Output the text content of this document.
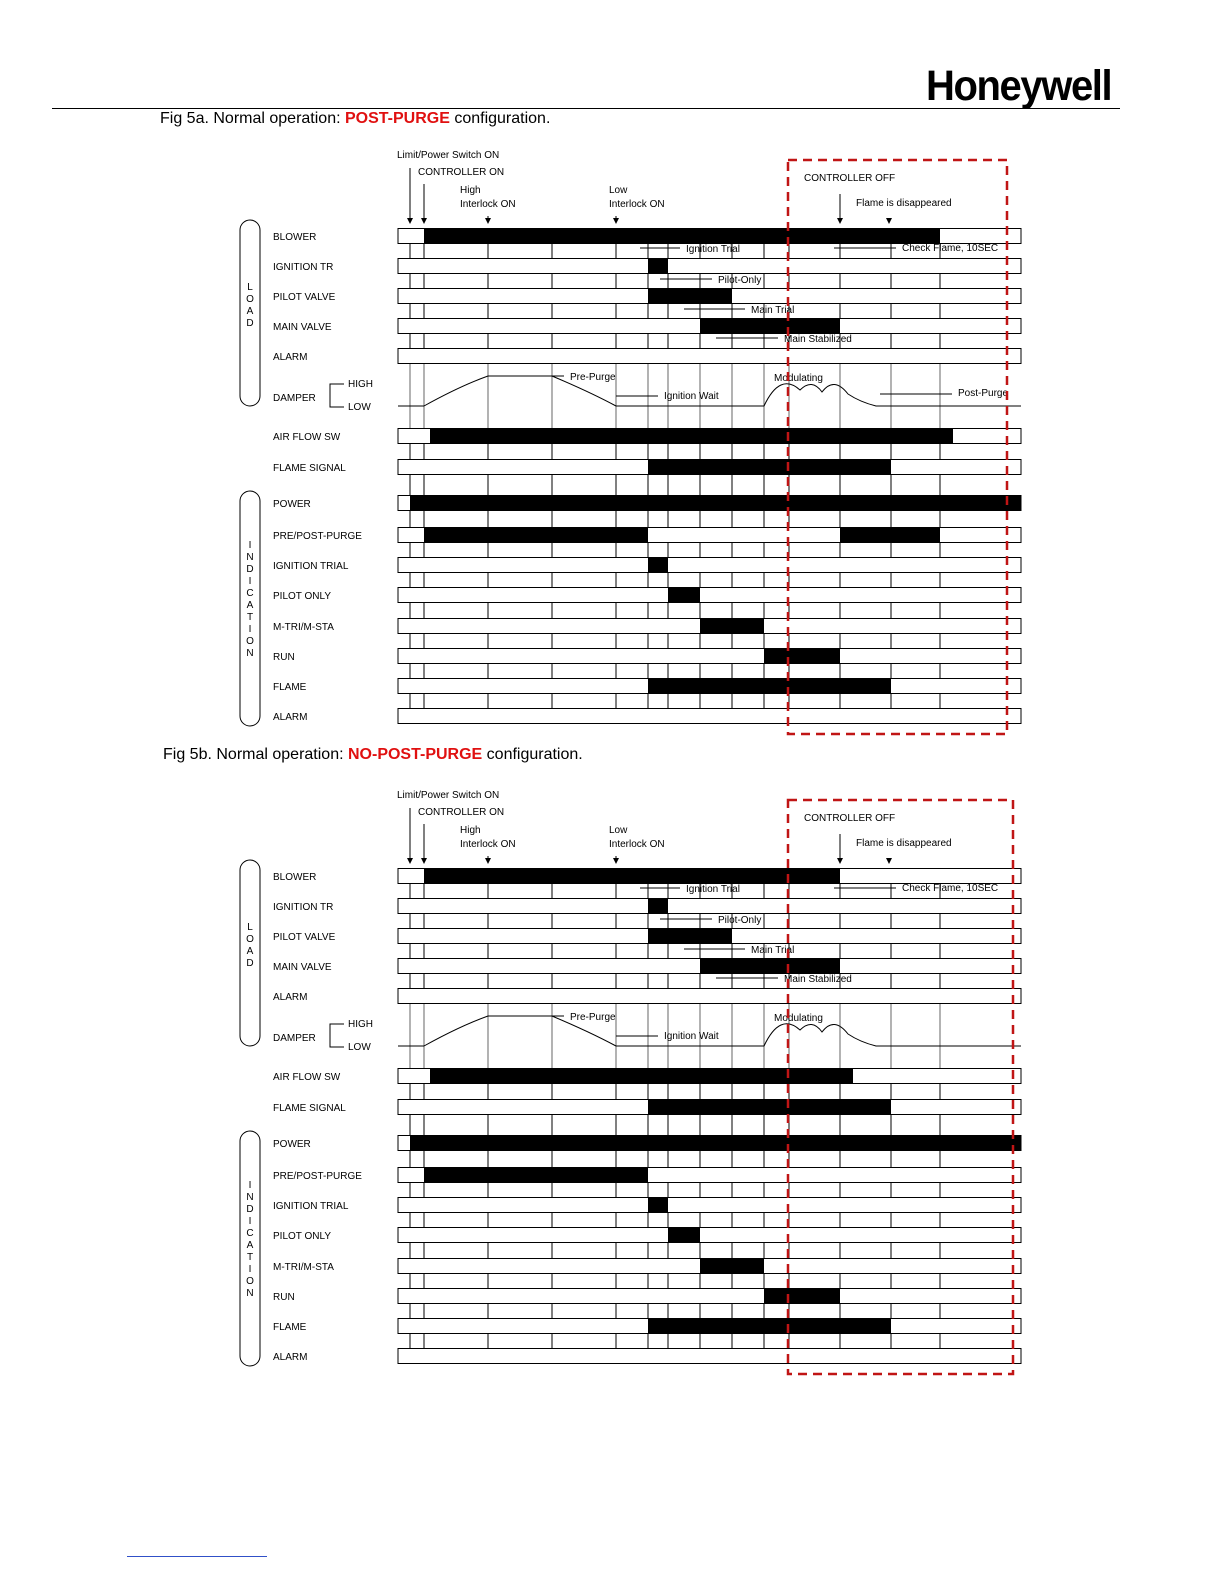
Honeywell
Fig 5a. Normal operation: POST-PURGE configuration.
Limit/Power Switch ON
CONTROLLER ON
High
Interlock ON
Low
Interlock ON
CONTROLLER OFF
Flame is disappeared
L
O
A
D
I
N
D
I
C
A
T
I
O
N
BLOWER
IGNITION TR
PILOT VALVE
MAIN VALVE
ALARM
DAMPER
AIR FLOW SW
FLAME SIGNAL
POWER
PRE/POST-PURGE
IGNITION TRIAL
PILOT ONLY
M-TRI/M-STA
RUN
FLAME
ALARM
HIGH
LOW
Ignition Trial	Check Flame, 10SEC
Pilot-Only
Main Trial
Main Stabilized
Pre-Purge
Ignition Wait
Modulating
Post-Purge
Fig 5b. Normal operation: NO-POST-PURGE configuration.
Limit/Power Switch ON
CONTROLLER ON
High
Interlock ON
Low
Interlock ON
CONTROLLER OFF
Flame is disappeared
L
O
A
D
I
N
D
I
C
A
T
I
O
N
BLOWER
IGNITION TR
PILOT VALVE
MAIN VALVE
ALARM
DAMPER
AIR FLOW SW
FLAME SIGNAL
POWER
PRE/POST-PURGE
IGNITION TRIAL
PILOT ONLY
M-TRI/M-STA
RUN
FLAME
ALARM
HIGH
LOW
Ignition Trial	Check Flame, 10SEC
Pilot-Only
Main Trial
Main Stabilized
Pre-Purge
Ignition Wait
Modulating
